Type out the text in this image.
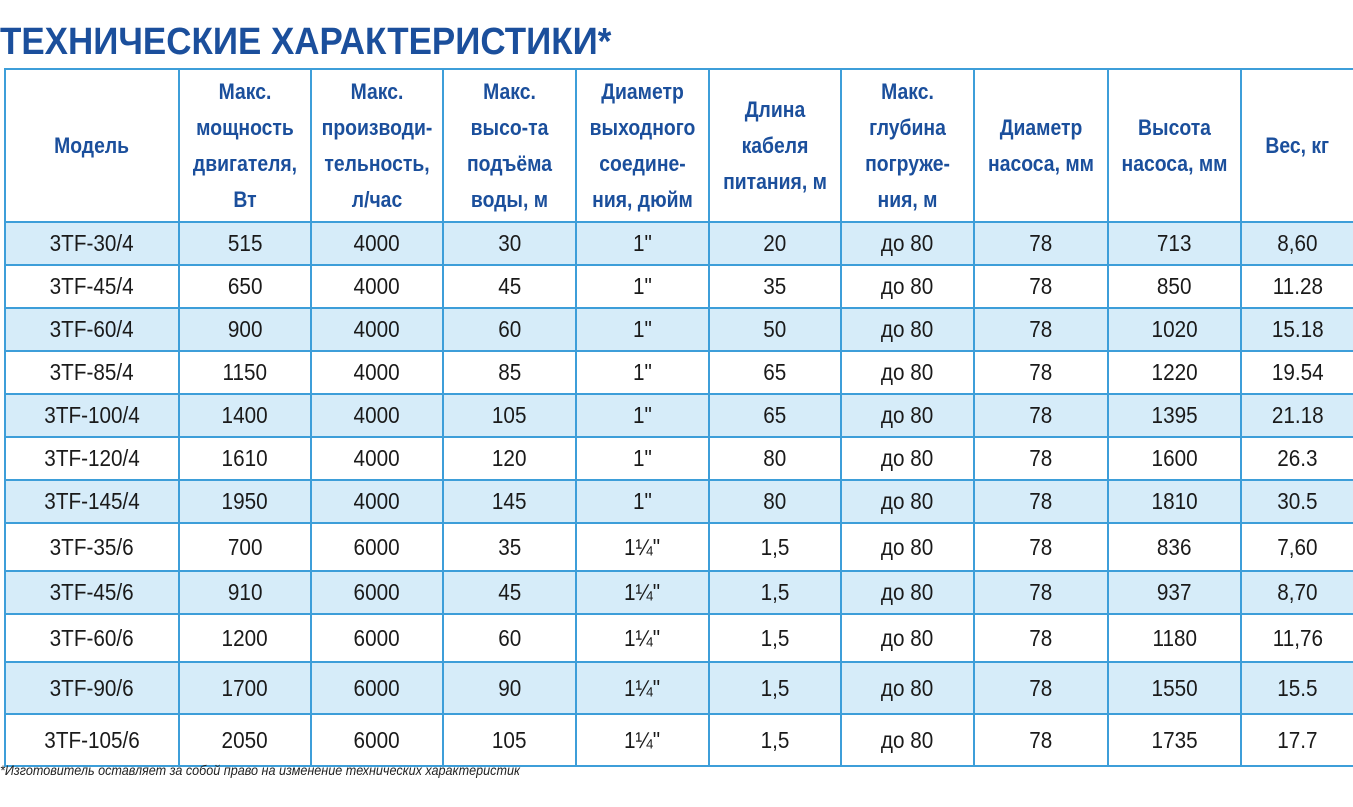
ТЕХНИЧЕСКИЕ ХАРАКТЕРИСТИКИ*
Модель	Макс. мощность двигателя, Вт	Макс. производи-тельность, л/час	Макс. высо-та подъёма воды, м	Диаметр выходного соедине-ния, дюйм	Длина кабеля питания, м	Макс. глубина погруже-ния, м	Диаметр насоса, мм	Высота насоса, мм	Вес, кг
3TF-30/4	515	4000	30	1"	20	до 80	78	713	8,60
3TF-45/4	650	4000	45	1"	35	до 80	78	850	11.28
3TF-60/4	900	4000	60	1"	50	до 80	78	1020	15.18
3TF-85/4	1150	4000	85	1"	65	до 80	78	1220	19.54
3TF-100/4	1400	4000	105	1"	65	до 80	78	1395	21.18
3TF-120/4	1610	4000	120	1"	80	до 80	78	1600	26.3
3TF-145/4	1950	4000	145	1"	80	до 80	78	1810	30.5
3TF-35/6	700	6000	35	1¼"	1,5	до 80	78	836	7,60
3TF-45/6	910	6000	45	1¼"	1,5	до 80	78	937	8,70
3TF-60/6	1200	6000	60	1¼"	1,5	до 80	78	1180	11,76
3TF-90/6	1700	6000	90	1¼"	1,5	до 80	78	1550	15.5
3TF-105/6	2050	6000	105	1¼"	1,5	до 80	78	1735	17.7
*Изготовитель оставляет за собой право на изменение технических характеристик
